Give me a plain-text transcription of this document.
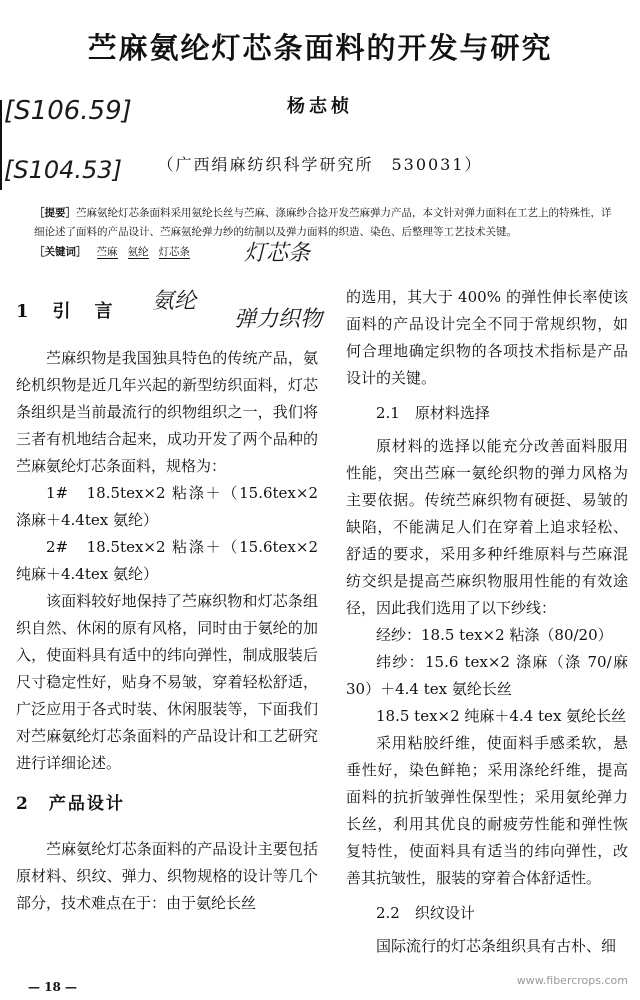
苎麻氨纶灯芯条面料的开发与研究
[S106.59]
[S104.53]
杨志桢
（广西绢麻纺织科学研究所　530031）
［提要］苎麻氨纶灯芯条面料采用氨纶长丝与苎麻、涤麻纱合捻开发苎麻弹力产品，本文针对弹力面料在工艺上的特殊性，详细论述了面料的产品设计、苎麻氨纶弹力纱的纺制以及弹力面料的织造、染色、后整理等工艺技术关键。
［关键词］ 苎麻 氨纶 灯芯条	灯芯条
氨纶
弹力织物

1　引　言

苎麻织物是我国独具特色的传统产品，氨纶机织物是近几年兴起的新型纺织面料，灯芯条组织是当前最流行的织物组织之一，我们将三者有机地结合起来，成功开发了两个品种的苎麻氨纶灯芯条面料，规格为：

1#　18.5tex×2 粘涤＋（15.6tex×2 涤麻＋4.4tex 氨纶）

2#　18.5tex×2 粘涤＋（15.6tex×2 纯麻＋4.4tex 氨纶）

该面料较好地保持了苎麻织物和灯芯条组织自然、休闲的原有风格，同时由于氨纶的加入，使面料具有适中的纬向弹性，制成服装后尺寸稳定性好，贴身不易皱，穿着轻松舒适，广泛应用于各式时装、休闲服装等，下面我们对苎麻氨纶灯芯条面料的产品设计和工艺研究进行详细论述。

2　产品设计

苎麻氨纶灯芯条面料的产品设计主要包括原材料、织纹、弹力、织物规格的设计等几个部分，技术难点在于：由于氨纶长丝

的选用，其大于 400% 的弹性伸长率使该面料的产品设计完全不同于常规织物，如何合理地确定织物的各项技术指标是产品设计的关键。

2.1　原材料选择

原材料的选择以能充分改善面料服用性能，突出苎麻一氨纶织物的弹力风格为主要依据。传统苎麻织物有硬挺、易皱的缺陷，不能满足人们在穿着上追求轻松、舒适的要求，采用多种纤维原料与苎麻混纺交织是提高苎麻织物服用性能的有效途径，因此我们选用了以下纱线：

经纱：18.5 tex×2 粘涤（80/20）

纬纱：15.6 tex×2 涤麻（涤 70/麻 30）＋4.4 tex 氨纶长丝

18.5 tex×2 纯麻＋4.4 tex 氨纶长丝

采用粘胶纤维，使面料手感柔软，悬垂性好，染色鲜艳；采用涤纶纤维，提高面料的抗折皱弹性保型性；采用氨纶弹力长丝，利用其优良的耐疲劳性能和弹性恢复特性，使面料具有适当的纬向弹性，改善其抗皱性，服装的穿着合体舒适性。

2.2　织纹设计

国际流行的灯芯条组织具有古朴、细

— 18 —	www.fibercrops.com
